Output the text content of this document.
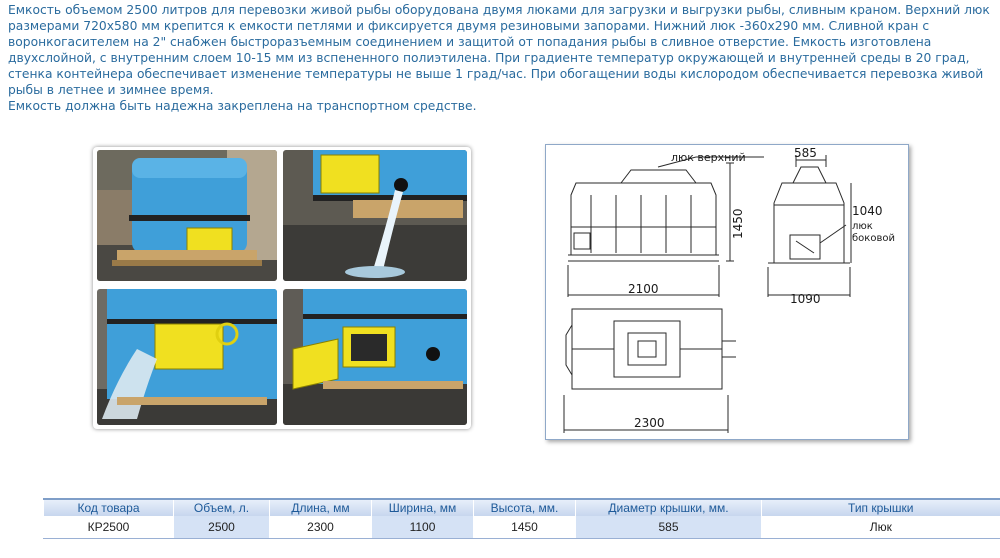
Емкость объемом 2500 литров для перевозки живой рыбы оборудована двумя люками для загрузки и выгрузки рыбы, сливным краном. Верхний люк размерами 720х580 мм крепится к емкости петлями и фиксируется двумя резиновыми запорами. Нижний люк -360х290 мм. Сливной кран с воронкогасителем на 2" снабжен быстроразъемным соединением и защитой от попадания рыбы в сливное отверстие. Емкость изготовлена двухслойной, с внутренним слоем 10-15 мм из вспененного полиэтилена. При градиенте температур окружающей и внутренней среды в 20 град, стенка контейнера обеспечивает изменение температуры не выше 1 град/час. При обогащении воды кислородом обеспечивается перевозка живой рыбы в летнее и зимнее время.

Емкость должна быть надежна закреплена на транспортном средстве.

люк верхний
1450
2100
585
1040
люк
боковой
1090
2300
Код товара	Объем, л.	Длина, мм	Ширина, мм	Высота, мм.	Диаметр крышки, мм.	Тип крышки
КР2500	2500	2300	1100	1450	585	Люк
